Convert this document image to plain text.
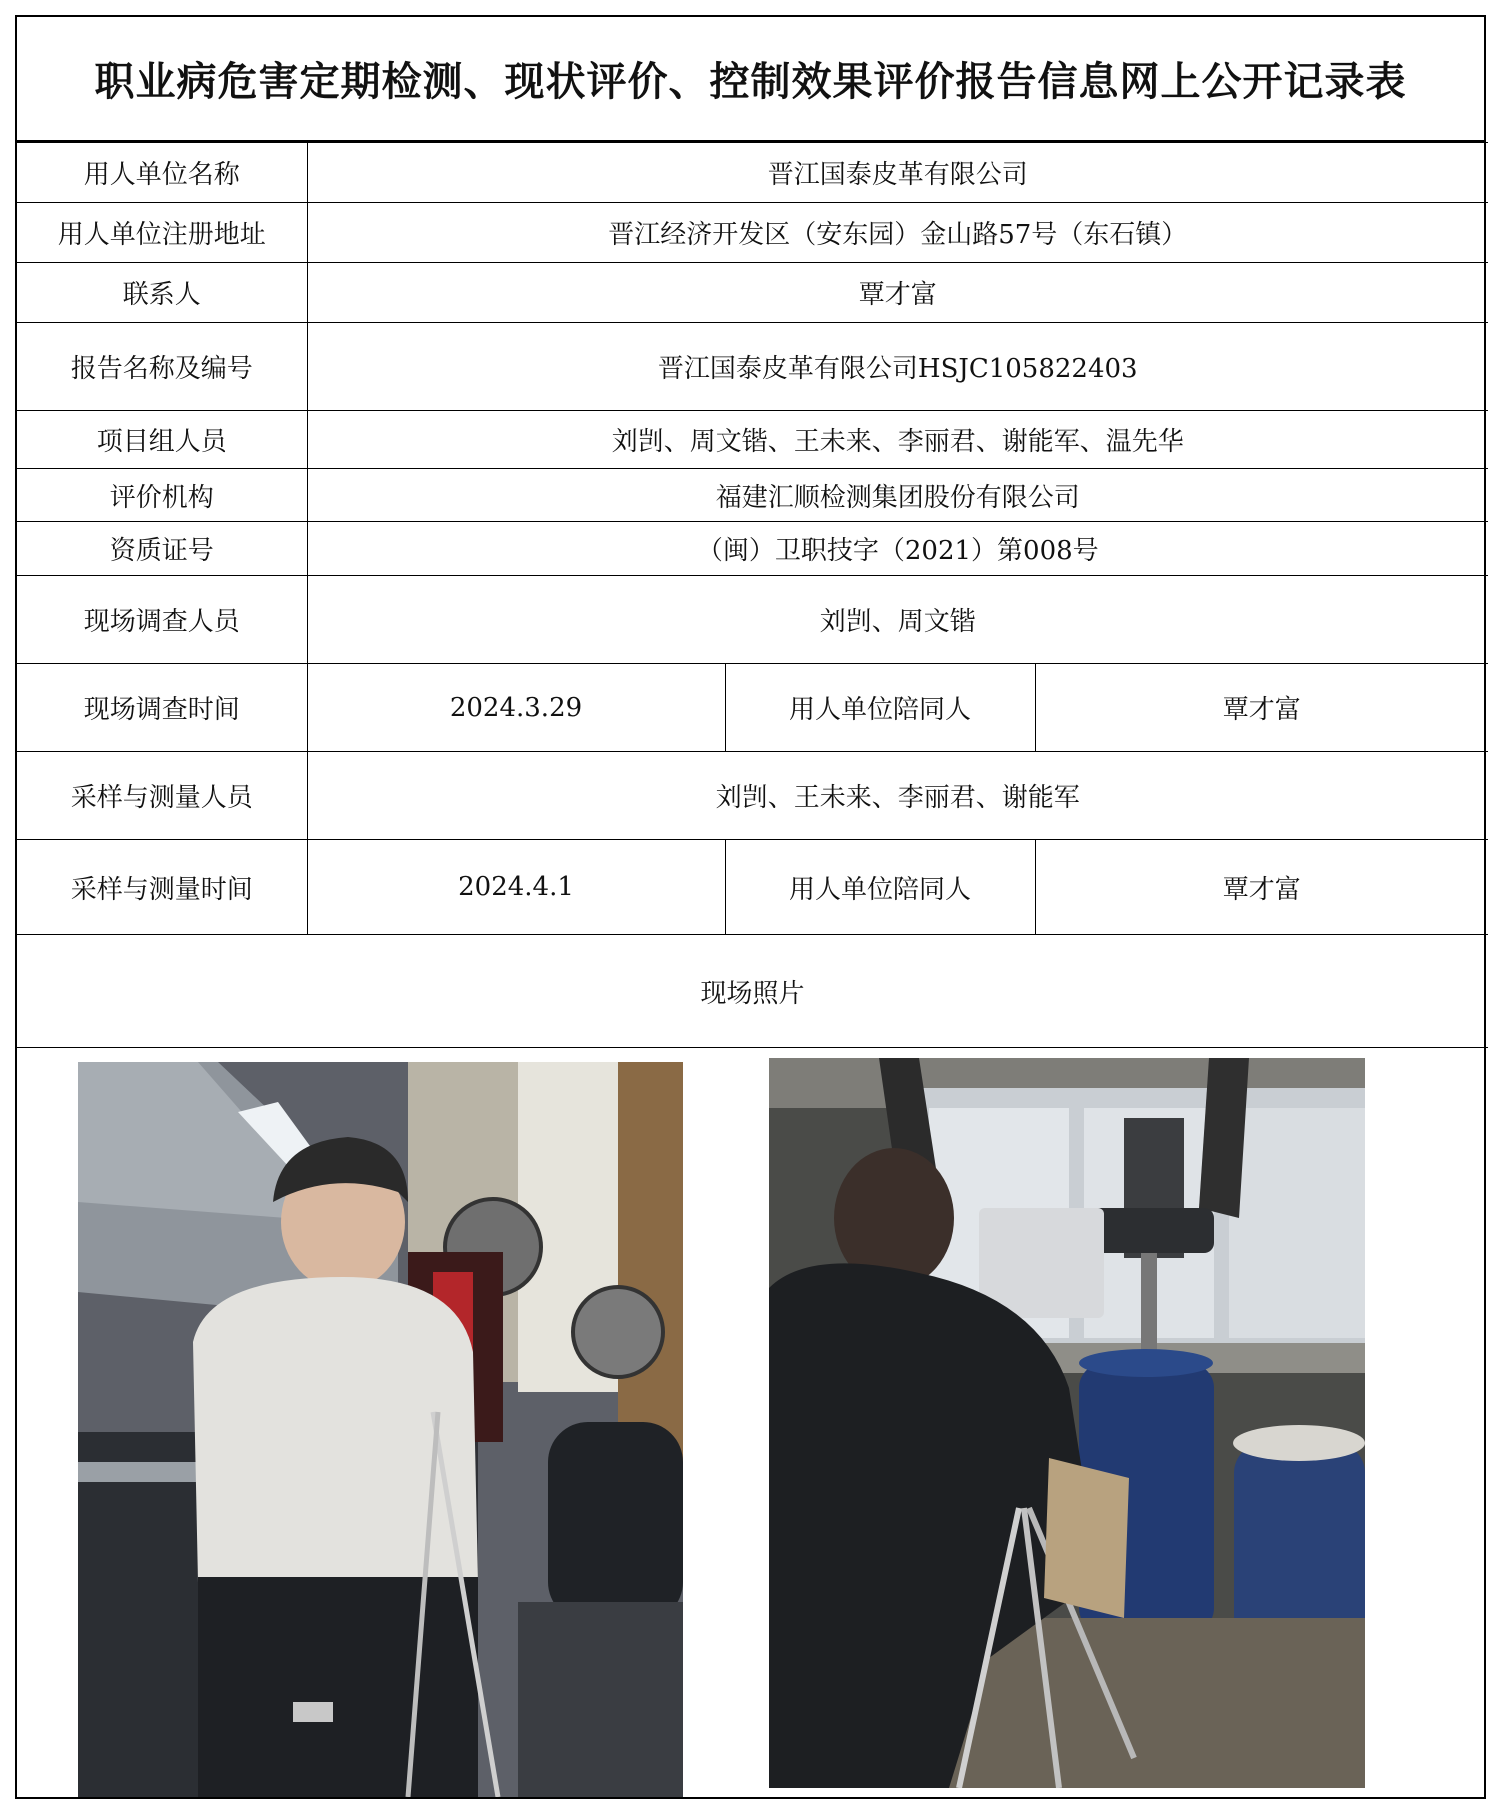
职业病危害定期检测、现状评价、控制效果评价报告信息网上公开记录表
用人单位名称	晋江国泰皮革有限公司		
用人单位注册地址	晋江经济开发区（安东园）金山路57号（东石镇）		
联系人	覃才富		
报告名称及编号	晋江国泰皮革有限公司HSJC105822403		
项目组人员	刘剀、周文锴、王未来、李丽君、谢能军、温先华		
评价机构	福建汇顺检测集团股份有限公司		
资质证号	（闽）卫职技字（2021）第008号		
现场调查人员	刘剀、周文锴		
现场调查时间	2024.3.29	用人单位陪同人	覃才富
采样与测量人员	刘剀、王未来、李丽君、谢能军		
采样与测量时间	2024.4.1	用人单位陪同人	覃才富
现场照片			
